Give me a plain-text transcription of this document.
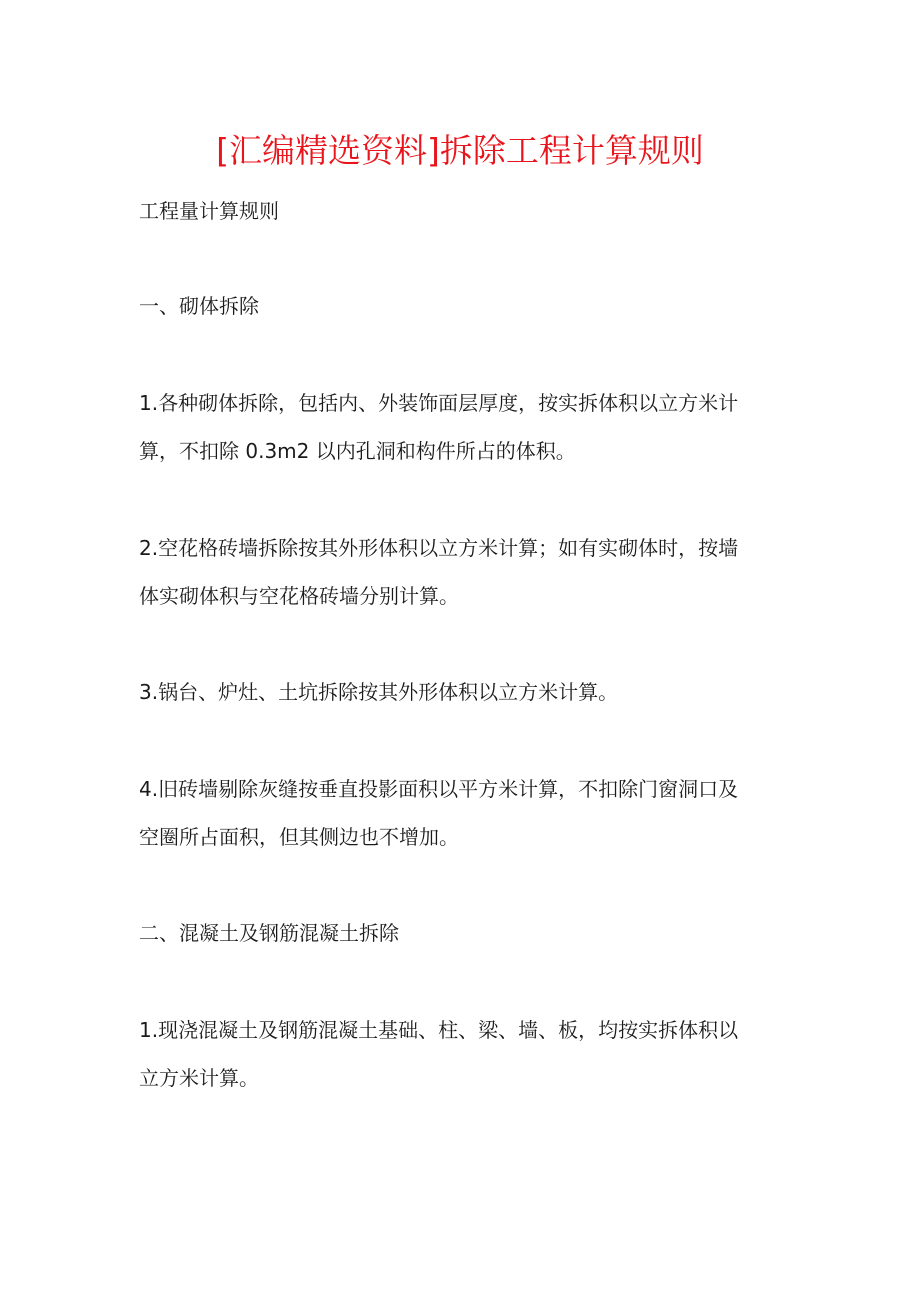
[汇编精选资料]拆除工程计算规则

工程量计算规则

一、砌体拆除

1.各种砌体拆除，包括内、外装饰面层厚度，按实拆体积以立方米计

算，不扣除 0.3m2 以内孔洞和构件所占的体积。

2.空花格砖墙拆除按其外形体积以立方米计算；如有实砌体时，按墙

体实砌体积与空花格砖墙分别计算。

3.锅台、炉灶、土坑拆除按其外形体积以立方米计算。

4.旧砖墙剔除灰缝按垂直投影面积以平方米计算，不扣除门窗洞口及

空圈所占面积，但其侧边也不增加。

二、混凝土及钢筋混凝土拆除

1.现浇混凝土及钢筋混凝土基础、柱、梁、墙、板，均按实拆体积以

立方米计算。
